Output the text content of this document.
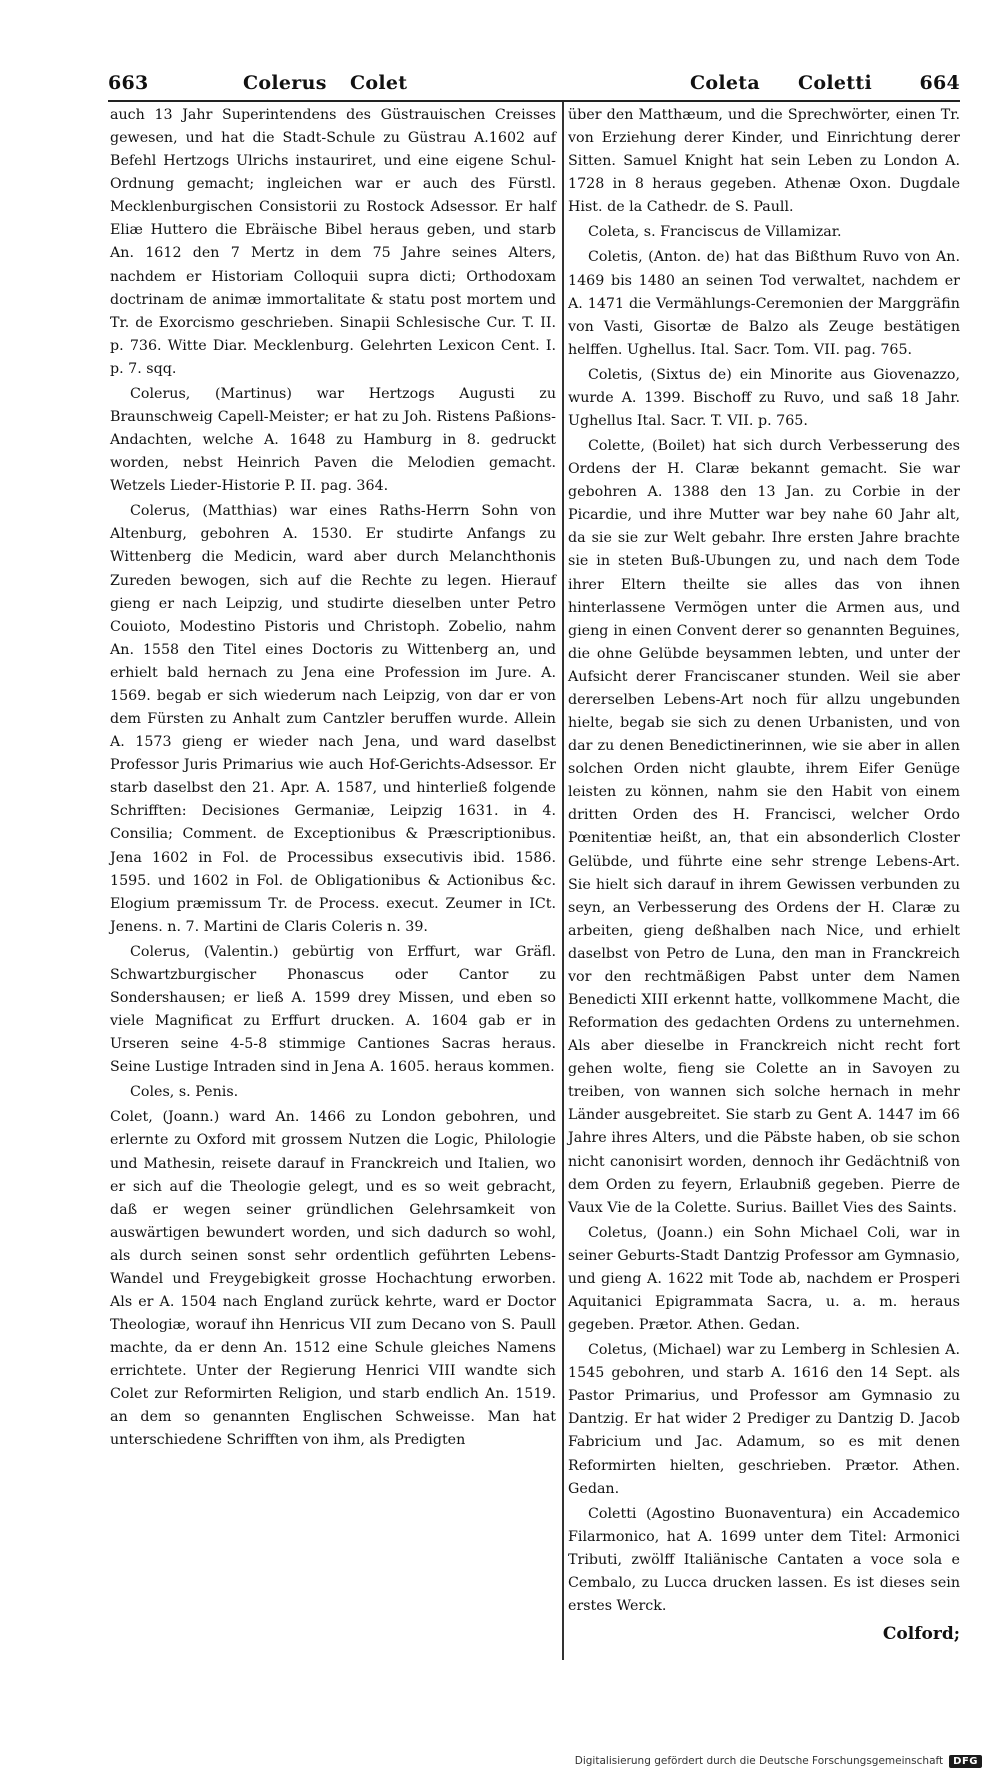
663	Colerus Colet	Coleta Coletti 664

auch 13 Jahr Superintendens des Güstrauischen Creisses gewesen, und hat die Stadt-Schule zu Güstrau A.1602 auf Befehl Hertzogs Ulrichs instauriret, und eine eigene Schul-Ordnung gemacht; ingleichen war er auch des Fürstl. Mecklenburgischen Consistorii zu Rostock Adsessor. Er half Eliæ Huttero die Ebräische Bibel heraus geben, und starb An. 1612 den 7 Mertz in dem 75 Jahre seines Alters, nachdem er Historiam Colloquii supra dicti; Orthodoxam doctrinam de animæ immortalitate & statu post mortem und Tr. de Exorcismo geschrieben. Sinapii Schlesische Cur. T. II. p. 736. Witte Diar. Mecklenburg. Gelehrten Lexicon Cent. I. p. 7. sqq.

Colerus, (Martinus) war Hertzogs Augusti zu Braunschweig Capell-Meister; er hat zu Joh. Ristens Paßions-Andachten, welche A. 1648 zu Hamburg in 8. gedruckt worden, nebst Heinrich Paven die Melodien gemacht. Wetzels Lieder-Historie P. II. pag. 364.

Colerus, (Matthias) war eines Raths-Herrn Sohn von Altenburg, gebohren A. 1530. Er studirte Anfangs zu Wittenberg die Medicin, ward aber durch Melanchthonis Zureden bewogen, sich auf die Rechte zu legen. Hierauf gieng er nach Leipzig, und studirte dieselben unter Petro Couioto, Modestino Pistoris und Christoph. Zobelio, nahm An. 1558 den Titel eines Doctoris zu Wittenberg an, und erhielt bald hernach zu Jena eine Profession im Jure. A. 1569. begab er sich wiederum nach Leipzig, von dar er von dem Fürsten zu Anhalt zum Cantzler beruffen wurde. Allein A. 1573 gieng er wieder nach Jena, und ward daselbst Professor Juris Primarius wie auch Hof-Gerichts-Adsessor. Er starb daselbst den 21. Apr. A. 1587, und hinterließ folgende Schrifften: Decisiones Germaniæ, Leipzig 1631. in 4. Consilia; Comment. de Exceptionibus & Præscriptionibus. Jena 1602 in Fol. de Processibus exsecutivis ibid. 1586. 1595. und 1602 in Fol. de Obligationibus & Actionibus &c. Elogium præmissum Tr. de Process. execut. Zeumer in ICt. Jenens. n. 7. Martini de Claris Coleris n. 39.

Colerus, (Valentin.) gebürtig von Erffurt, war Gräfl. Schwartzburgischer Phonascus oder Cantor zu Sondershausen; er ließ A. 1599 drey Missen, und eben so viele Magnificat zu Erffurt drucken. A. 1604 gab er in Urseren seine 4-5-8 stimmige Cantiones Sacras heraus. Seine Lustige Intraden sind in Jena A. 1605. heraus kommen.

Coles, s. Penis.

Colet, (Joann.) ward An. 1466 zu London gebohren, und erlernte zu Oxford mit grossem Nutzen die Logic, Philologie und Mathesin, reisete darauf in Franckreich und Italien, wo er sich auf die Theologie gelegt, und es so weit gebracht, daß er wegen seiner gründlichen Gelehrsamkeit von auswärtigen bewundert worden, und sich dadurch so wohl, als durch seinen sonst sehr ordentlich geführten Lebens-Wandel und Freygebigkeit grosse Hochachtung erworben. Als er A. 1504 nach England zurück kehrte, ward er Doctor Theologiæ, worauf ihn Henricus VII zum Decano von S. Paull machte, da er denn An. 1512 eine Schule gleiches Namens errichtete. Unter der Regierung Henrici VIII wandte sich Colet zur Reformirten Religion, und starb endlich An. 1519. an dem so genannten Englischen Schweisse. Man hat unterschiedene Schrifften von ihm, als Predigten

über den Matthæum, und die Sprechwörter, einen Tr. von Erziehung derer Kinder, und Einrichtung derer Sitten. Samuel Knight hat sein Leben zu London A. 1728 in 8 heraus gegeben. Athenæ Oxon. Dugdale Hist. de la Cathedr. de S. Paull.

Coleta, s. Franciscus de Villamizar.

Coletis, (Anton. de) hat das Bißthum Ruvo von An. 1469 bis 1480 an seinen Tod verwaltet, nachdem er A. 1471 die Vermählungs-Ceremonien der Marggräfin von Vasti, Gisortæ de Balzo als Zeuge bestätigen helffen. Ughellus. Ital. Sacr. Tom. VII. pag. 765.

Coletis, (Sixtus de) ein Minorite aus Giovenazzo, wurde A. 1399. Bischoff zu Ruvo, und saß 18 Jahr. Ughellus Ital. Sacr. T. VII. p. 765.

Colette, (Boilet) hat sich durch Verbesserung des Ordens der H. Claræ bekannt gemacht. Sie war gebohren A. 1388 den 13 Jan. zu Corbie in der Picardie, und ihre Mutter war bey nahe 60 Jahr alt, da sie sie zur Welt gebahr. Ihre ersten Jahre brachte sie in steten Buß-Ubungen zu, und nach dem Tode ihrer Eltern theilte sie alles das von ihnen hinterlassene Vermögen unter die Armen aus, und gieng in einen Convent derer so genannten Beguines, die ohne Gelübde beysammen lebten, und unter der Aufsicht derer Franciscaner stunden. Weil sie aber dererselben Lebens-Art noch für allzu ungebunden hielte, begab sie sich zu denen Urbanisten, und von dar zu denen Benedictinerinnen, wie sie aber in allen solchen Orden nicht glaubte, ihrem Eifer Genüge leisten zu können, nahm sie den Habit von einem dritten Orden des H. Francisci, welcher Ordo Pœnitentiæ heißt, an, that ein absonderlich Closter Gelübde, und führte eine sehr strenge Lebens-Art. Sie hielt sich darauf in ihrem Gewissen verbunden zu seyn, an Verbesserung des Ordens der H. Claræ zu arbeiten, gieng deßhalben nach Nice, und erhielt daselbst von Petro de Luna, den man in Franckreich vor den rechtmäßigen Pabst unter dem Namen Benedicti XIII erkennt hatte, vollkommene Macht, die Reformation des gedachten Ordens zu unternehmen. Als aber dieselbe in Franckreich nicht recht fort gehen wolte, fieng sie Colette an in Savoyen zu treiben, von wannen sich solche hernach in mehr Länder ausgebreitet. Sie starb zu Gent A. 1447 im 66 Jahre ihres Alters, und die Päbste haben, ob sie schon nicht canonisirt worden, dennoch ihr Gedächtniß von dem Orden zu feyern, Erlaubniß gegeben. Pierre de Vaux Vie de la Colette. Surius. Baillet Vies des Saints.

Coletus, (Joann.) ein Sohn Michael Coli, war in seiner Geburts-Stadt Dantzig Professor am Gymnasio, und gieng A. 1622 mit Tode ab, nachdem er Prosperi Aquitanici Epigrammata Sacra, u. a. m. heraus gegeben. Prætor. Athen. Gedan.

Coletus, (Michael) war zu Lemberg in Schlesien A. 1545 gebohren, und starb A. 1616 den 14 Sept. als Pastor Primarius, und Professor am Gymnasio zu Dantzig. Er hat wider 2 Prediger zu Dantzig D. Jacob Fabricium und Jac. Adamum, so es mit denen Reformirten hielten, geschrieben. Prætor. Athen. Gedan.

Coletti (Agostino Buonaventura) ein Accademico Filarmonico, hat A. 1699 unter dem Titel: Armonici Tributi, zwölff Italiänische Cantaten a voce sola e Cembalo, zu Lucca drucken lassen. Es ist dieses sein erstes Werck.

Colford;
Digitalisierung gefördert durch die Deutsche Forschungsgemeinschaft	DFG
